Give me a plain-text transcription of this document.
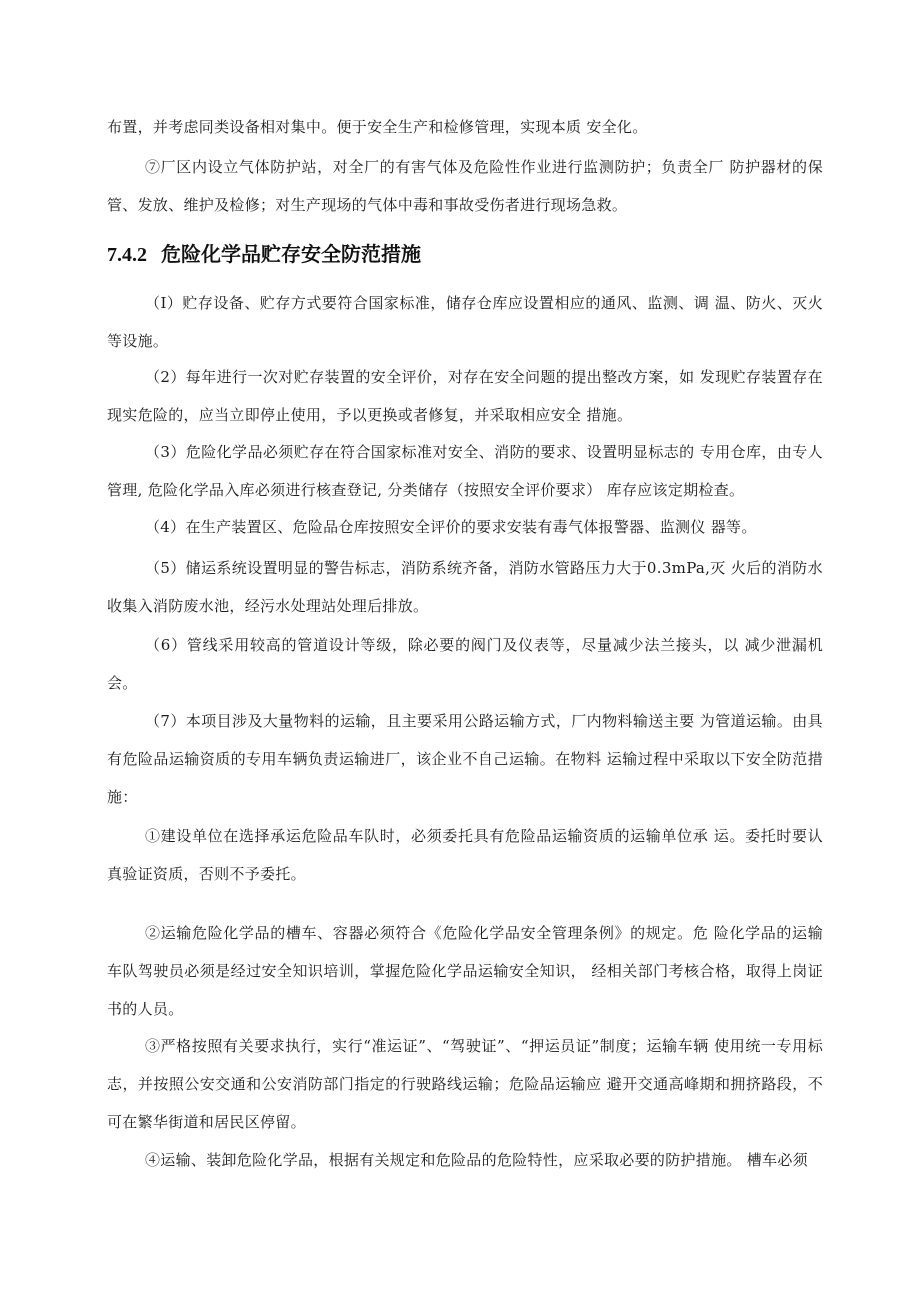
布置，并考虑同类设备相对集中。便于安全生产和检修管理，实现本质 安全化。

⑦厂区内设立气体防护站，对全厂的有害气体及危险性作业进行监测防护；负责全厂 防护器材的保管、发放、维护及检修；对生产现场的气体中毒和事故受伤者进行现场急救。

7.4.2 危险化学品贮存安全防范措施

（I）贮存设备、贮存方式要符合国家标准，储存仓库应设置相应的通风、监测、调 温、防火、灭火等设施。

（2）每年进行一次对贮存装置的安全评价，对存在安全问题的提出整改方案，如 发现贮存装置存在现实危险的，应当立即停止使用，予以更换或者修复，并采取相应安全 措施。

（3）危险化学品必须贮存在符合国家标准对安全、消防的要求、设置明显标志的 专用仓库，由专人管理, 危险化学品入库必须进行核查登记, 分类储存（按照安全评价要求） 库存应该定期检查。

（4）在生产装置区、危险品仓库按照安全评价的要求安装有毒气体报警器、监测仪 器等。

（5）储运系统设置明显的警告标志，消防系统齐备，消防水管路压力大于0.3mPa,灭 火后的消防水收集入消防废水池，经污水处理站处理后排放。

（6）管线采用较高的管道设计等级，除必要的阀门及仪表等，尽量减少法兰接头，以 减少泄漏机会。

（7）本项目涉及大量物料的运输，且主要采用公路运输方式，厂内物料输送主要 为管道运输。由具有危险品运输资质的专用车辆负责运输进厂，该企业不自己运输。在物料 运输过程中采取以下安全防范措施：

①建设单位在选择承运危险品车队时，必须委托具有危险品运输资质的运输单位承 运。委托时要认真验证资质，否则不予委托。

②运输危险化学品的槽车、容器必须符合《危险化学品安全管理条例》的规定。危 险化学品的运输车队驾驶员必须是经过安全知识培训，掌握危险化学品运输安全知识， 经相关部门考核合格，取得上岗证书的人员。

③严格按照有关要求执行，实行“准运证”、“驾驶证”、“押运员证”制度；运输车辆 使用统一专用标志，并按照公安交通和公安消防部门指定的行驶路线运输；危险品运输应 避开交通高峰期和拥挤路段，不可在繁华街道和居民区停留。

④运输、装卸危险化学品，根据有关规定和危险品的危险特性，应采取必要的防护措施。 槽车必须
